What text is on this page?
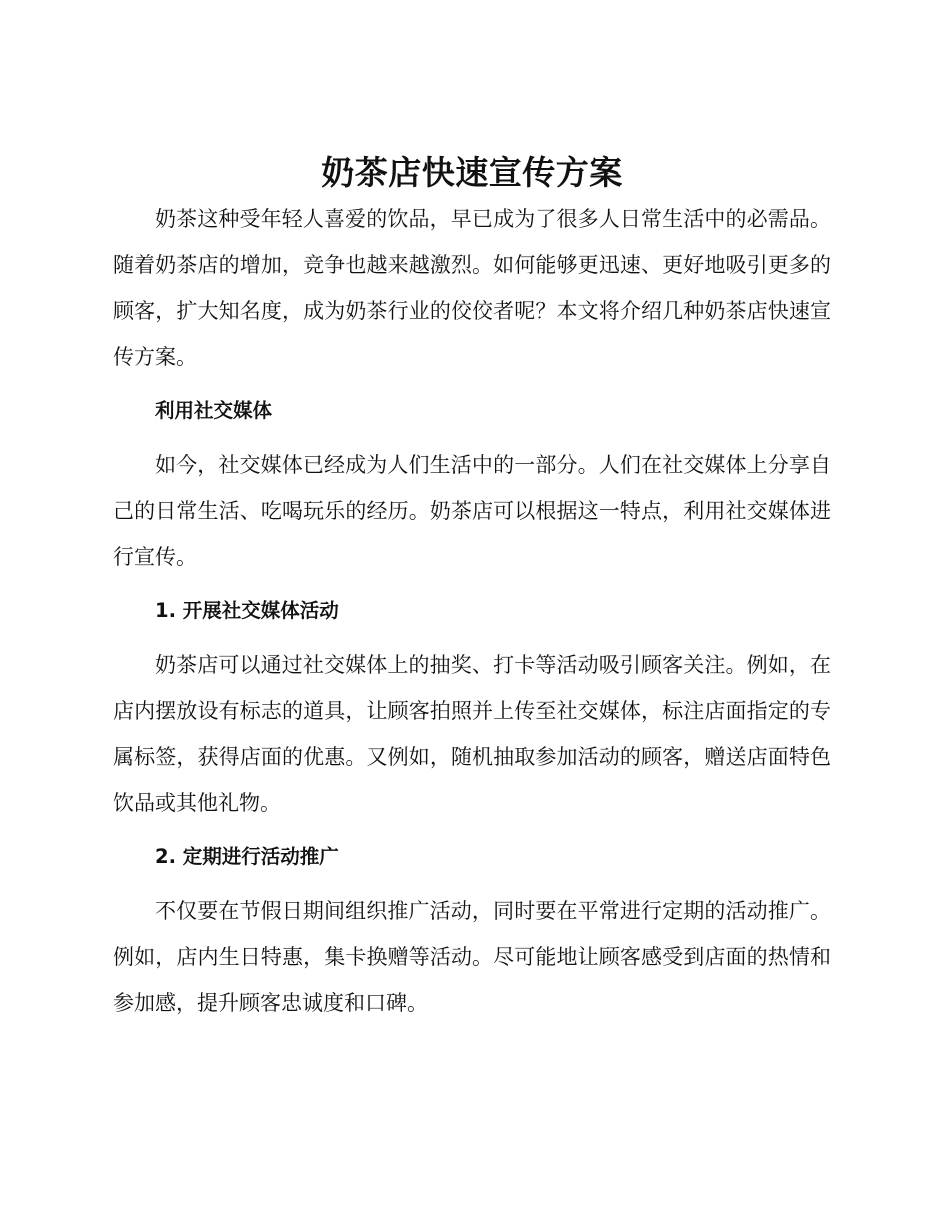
奶茶店快速宣传方案

奶茶这种受年轻人喜爱的饮品，早已成为了很多人日常生活中的必需品。随着奶茶店的增加，竞争也越来越激烈。如何能够更迅速、更好地吸引更多的顾客，扩大知名度，成为奶茶行业的佼佼者呢？本文将介绍几种奶茶店快速宣传方案。

利用社交媒体

如今，社交媒体已经成为人们生活中的一部分。人们在社交媒体上分享自己的日常生活、吃喝玩乐的经历。奶茶店可以根据这一特点，利用社交媒体进行宣传。

1. 开展社交媒体活动

奶茶店可以通过社交媒体上的抽奖、打卡等活动吸引顾客关注。例如，在店内摆放设有标志的道具，让顾客拍照并上传至社交媒体，标注店面指定的专属标签，获得店面的优惠。又例如，随机抽取参加活动的顾客，赠送店面特色饮品或其他礼物。

2. 定期进行活动推广

不仅要在节假日期间组织推广活动，同时要在平常进行定期的活动推广。例如，店内生日特惠，集卡换赠等活动。尽可能地让顾客感受到店面的热情和参加感，提升顾客忠诚度和口碑。
